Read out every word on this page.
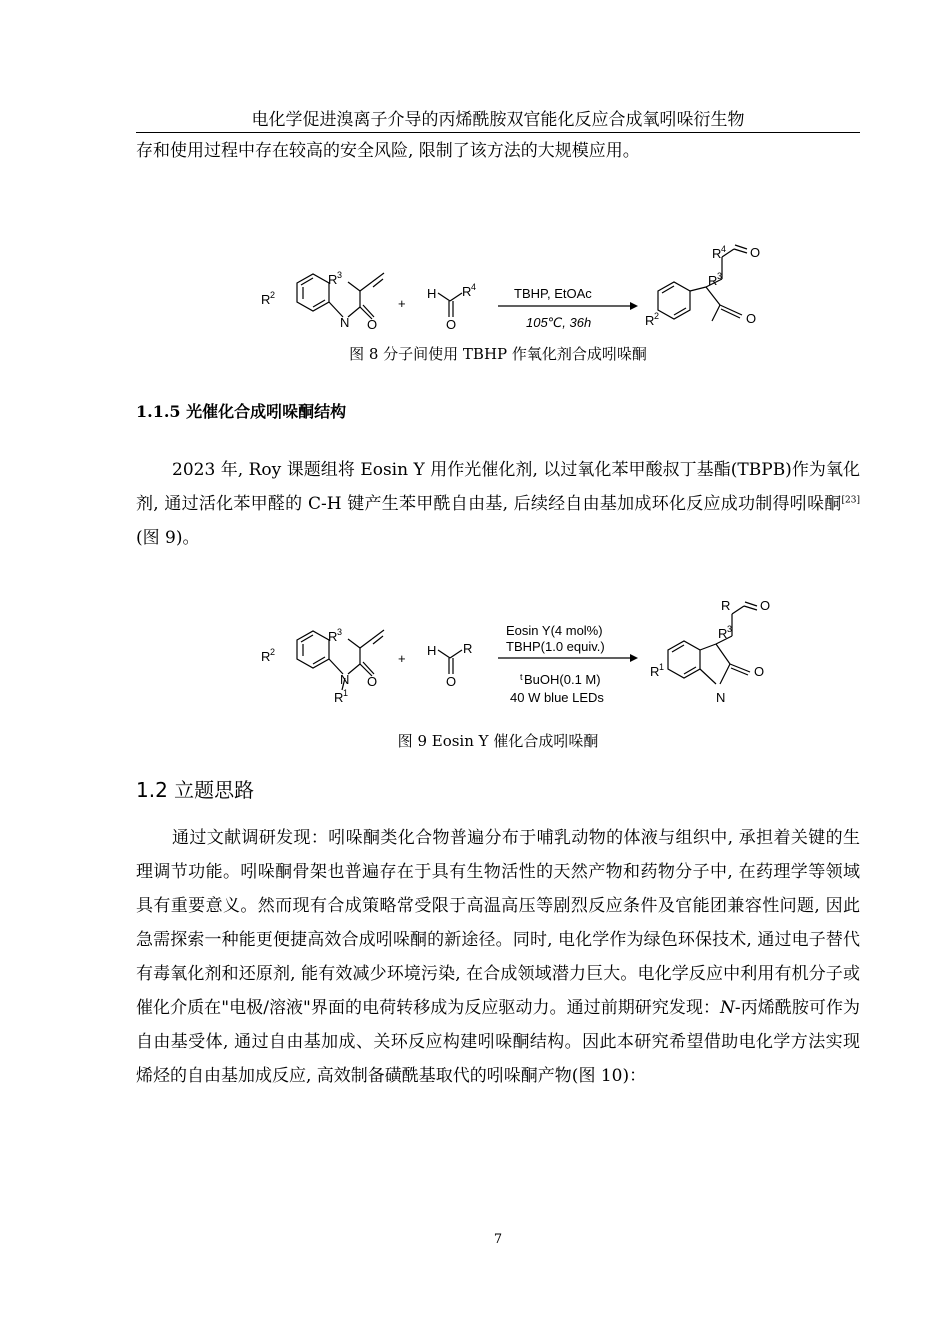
电化学促进溴离子介导的丙烯酰胺双官能化反应合成氧吲哚衍生物
存和使用过程中存在较高的安全风险, 限制了该方法的大规模应用。
R 2
R 3
N O
+
H R 4
O
TBHP, EtOAc
105℃, 36h	R 2	O
R 3
R 4 O
图 8 分子间使用 TBHP 作氧化剂合成吲哚酮
1.1.5 光催化合成吲哚酮结构
2023 年, Roy 课题组将 Eosin Y 用作光催化剂, 以过氧化苯甲酸叔丁基酯(TBPB)作为氧化剂, 通过活化苯甲醛的 C-H 键产生苯甲酰自由基, 后续经自由基加成环化反应成功制得吲哚酮[23](图 9)。
R 2
R 3
N O
R 1
+
H R
O
Eosin Y(4 mol%)
TBHP(1.0 equiv.)
t BuOH(0.1 M)
40 W blue LEDs
R 1	O
N
R 3
R O
图 9 Eosin Y 催化合成吲哚酮
1.2 立题思路
通过文献调研发现：吲哚酮类化合物普遍分布于哺乳动物的体液与组织中, 承担着关键的生理调节功能。吲哚酮骨架也普遍存在于具有生物活性的天然产物和药物分子中, 在药理学等领域具有重要意义。然而现有合成策略常受限于高温高压等剧烈反应条件及官能团兼容性问题, 因此急需探索一种能更便捷高效合成吲哚酮的新途径。同时, 电化学作为绿色环保技术, 通过电子替代有毒氧化剂和还原剂, 能有效减少环境污染, 在合成领域潜力巨大。电化学反应中利用有机分子或催化介质在"电极/溶液"界面的电荷转移成为反应驱动力。通过前期研究发现：N-丙烯酰胺可作为自由基受体, 通过自由基加成、关环反应构建吲哚酮结构。因此本研究希望借助电化学方法实现烯烃的自由基加成反应, 高效制备磺酰基取代的吲哚酮产物(图 10)：
7
